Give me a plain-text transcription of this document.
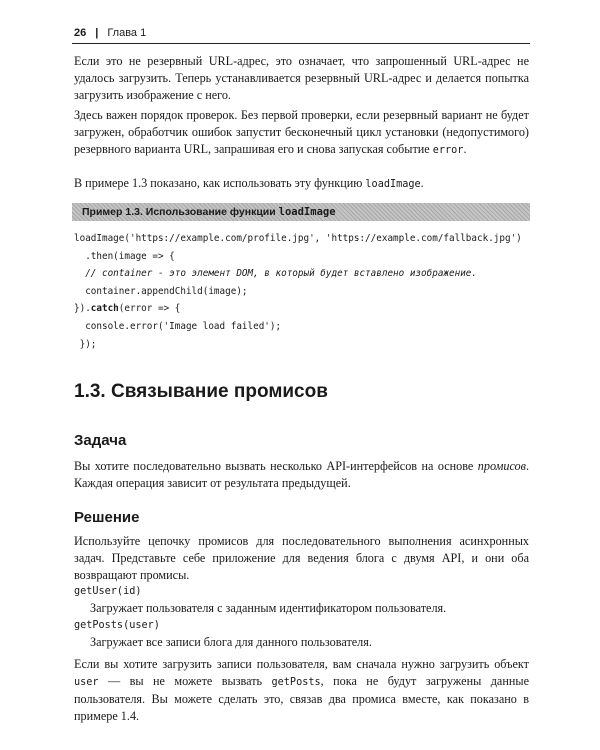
26 | Глава 1

Если это не резервный URL-адрес, это означает, что запрошенный URL-адрес не удалось загрузить. Теперь устанавливается резервный URL-адрес и делается попытка загрузить изображение с него.

Здесь важен порядок проверок. Без первой проверки, если резервный вариант не будет загружен, обработчик ошибок запустит бесконечный цикл установки (недопустимого) резервного варианта URL, запрашивая его и снова запуская событие error.

В примере 1.3 показано, как использовать эту функцию loadImage.

Пример 1.3. Использование функции loadImage
loadImage('https://example.com/profile.jpg', 'https://example.com/fallback.jpg')
.then(image => {
// container - это элемент DOM, в который будет вставлено изображение.
container.appendChild(image);
}).catch(error => {
console.error('Image load failed');
});
1.3. Связывание промисов
Задача

Вы хотите последовательно вызвать несколько API-интерфейсов на основе промисов. Каждая операция зависит от результата предыдущей.

Решение

Используйте цепочку промисов для последовательного выполнения асинхронных задач. Представьте себе приложение для ведения блога с двумя API, и они оба возвращают промисы.

getUser(id)

Загружает пользователя с заданным идентификатором пользователя.

getPosts(user)

Загружает все записи блога для данного пользователя.

Если вы хотите загрузить записи пользователя, вам сначала нужно загрузить объект user — вы не можете вызвать getPosts, пока не будут загружены данные пользователя. Вы можете сделать это, связав два промиса вместе, как показано в примере 1.4.
